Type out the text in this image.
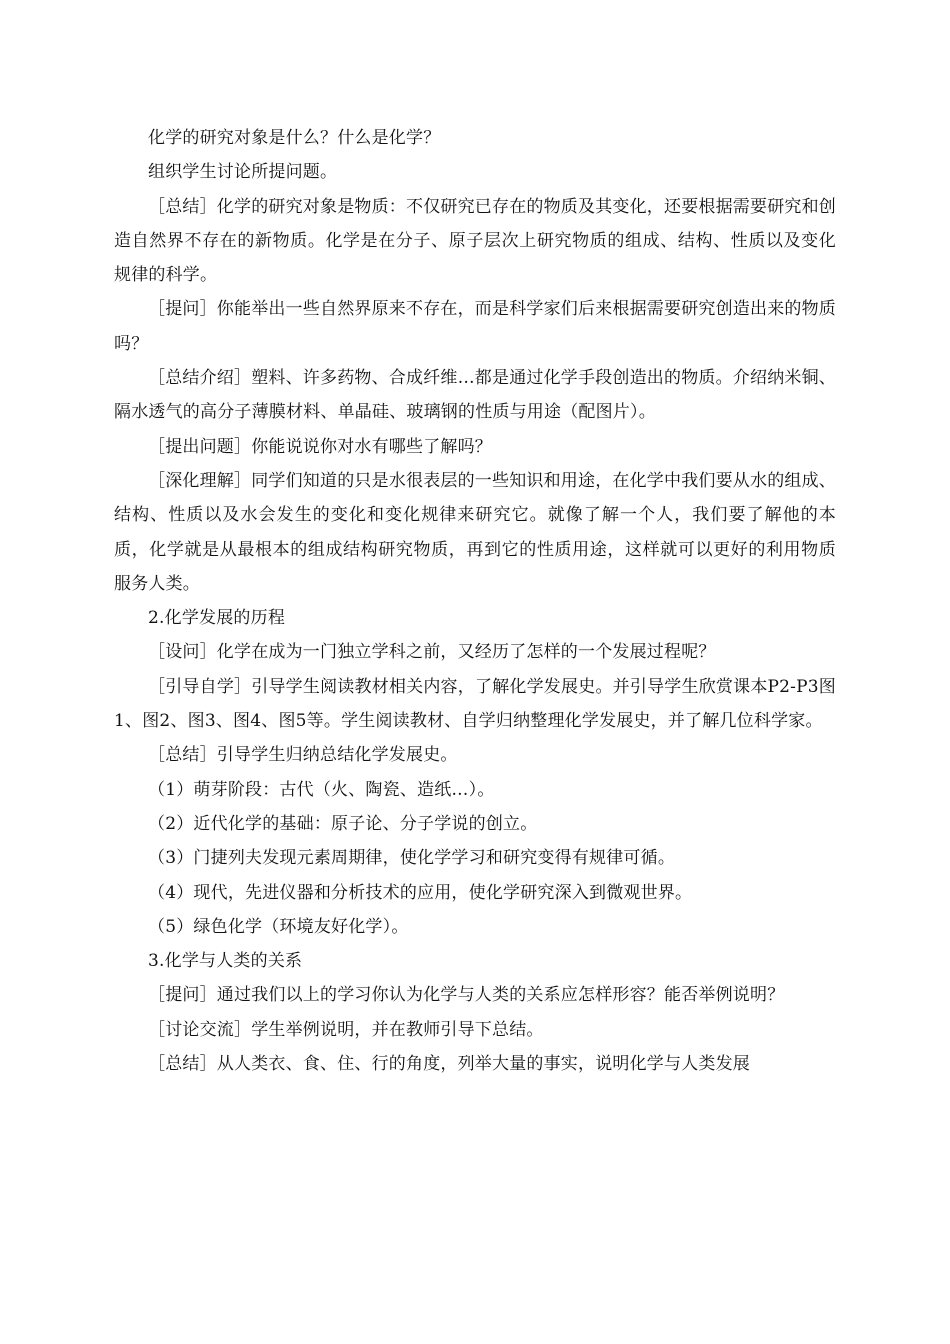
化学的研究对象是什么？什么是化学？

组织学生讨论所提问题。

［总结］化学的研究对象是物质：不仅研究已存在的物质及其变化，还要根据需要研究和创造自然界不存在的新物质。化学是在分子、原子层次上研究物质的组成、结构、性质以及变化规律的科学。

［提问］你能举出一些自然界原来不存在，而是科学家们后来根据需要研究创造出来的物质吗？

［总结介绍］塑料、许多药物、合成纤维…都是通过化学手段创造出的物质。介绍纳米铜、隔水透气的高分子薄膜材料、单晶硅、玻璃钢的性质与用途（配图片）。

［提出问题］你能说说你对水有哪些了解吗？

［深化理解］同学们知道的只是水很表层的一些知识和用途，在化学中我们要从水的组成、结构、性质以及水会发生的变化和变化规律来研究它。就像了解一个人，我们要了解他的本质，化学就是从最根本的组成结构研究物质，再到它的性质用途，这样就可以更好的利用物质服务人类。

2.化学发展的历程

［设问］化学在成为一门独立学科之前，又经历了怎样的一个发展过程呢？

［引导自学］引导学生阅读教材相关内容，了解化学发展史。并引导学生欣赏课本P2-P3图1、图2、图3、图4、图5等。学生阅读教材、自学归纳整理化学发展史，并了解几位科学家。

［总结］引导学生归纳总结化学发展史。

（1）萌芽阶段：古代（火、陶瓷、造纸…）。

（2）近代化学的基础：原子论、分子学说的创立。

（3）门捷列夫发现元素周期律，使化学学习和研究变得有规律可循。

（4）现代，先进仪器和分析技术的应用，使化学研究深入到微观世界。

（5）绿色化学（环境友好化学）。

3.化学与人类的关系

［提问］通过我们以上的学习你认为化学与人类的关系应怎样形容？能否举例说明？

［讨论交流］学生举例说明，并在教师引导下总结。

［总结］从人类衣、食、住、行的角度，列举大量的事实，说明化学与人类发展
